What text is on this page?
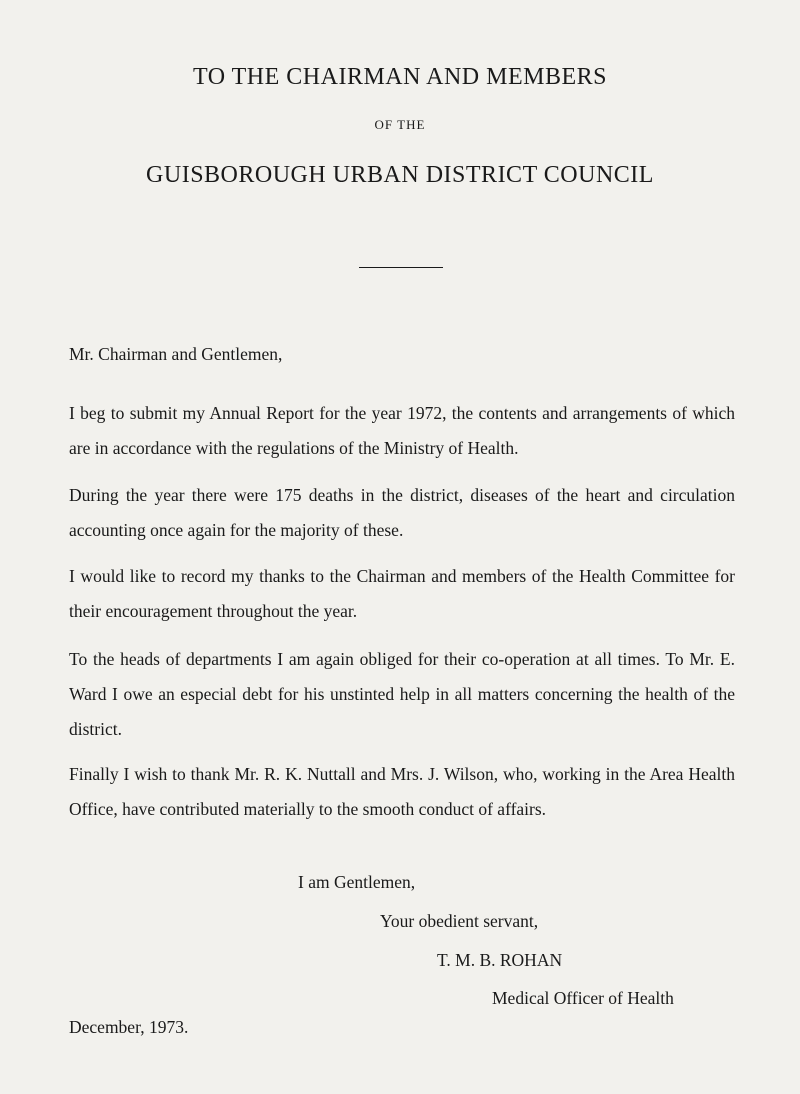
TO THE CHAIRMAN AND MEMBERS
OF THE
GUISBOROUGH URBAN DISTRICT COUNCIL
Mr. Chairman and Gentlemen,
I beg to submit my Annual Report for the year 1972, the contents and arrangements of which are in accordance with the regulations of the Ministry of Health.
During the year there were 175 deaths in the district, diseases of the heart and circulation accounting once again for the majority of these.
I would like to record my thanks to the Chairman and members of the Health Committee for their encouragement throughout the year.
To the heads of departments I am again obliged for their co-operation at all times. To Mr. E. Ward I owe an especial debt for his unstinted help in all matters concerning the health of the district.
Finally I wish to thank Mr. R. K. Nuttall and Mrs. J. Wilson, who, working in the Area Health Office, have contributed materially to the smooth conduct of affairs.
I am Gentlemen,
Your obedient servant,
T. M. B. ROHAN
Medical Officer of Health
December, 1973.
